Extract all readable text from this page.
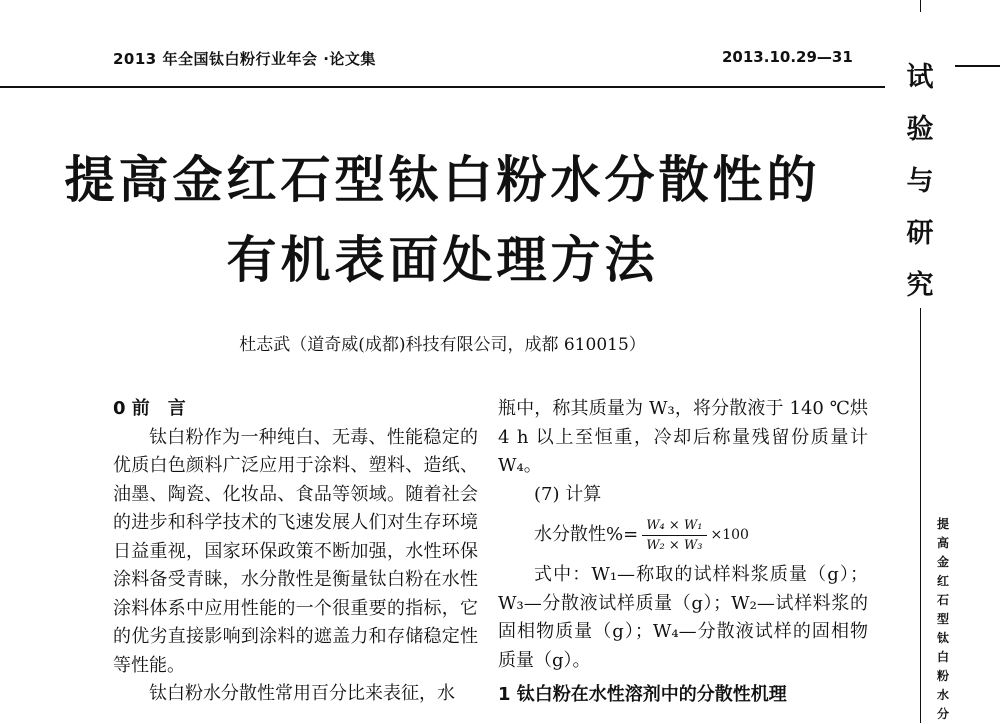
2013 年全国钛白粉行业年会 ·论文集	2013.10.29—31
提高金红石型钛白粉水分散性的
有机表面处理方法
杜志武（道奇威(成都)科技有限公司，成都 610015）
0 前　言
钛白粉作为一种纯白、无毒、性能稳定的优质白色颜料广泛应用于涂料、塑料、造纸、油墨、陶瓷、化妆品、食品等领域。随着社会的进步和科学技术的飞速发展人们对生存环境日益重视，国家环保政策不断加强，水性环保涂料备受青睐，水分散性是衡量钛白粉在水性涂料体系中应用性能的一个很重要的指标，它的优劣直接影响到涂料的遮盖力和存储稳定性等性能。
钛白粉水分散性常用百分比来表征，水
瓶中，称其质量为 W₃，将分散液于 140 ℃烘 4 h 以上至恒重，冷却后称量残留份质量计 W₄。
(7) 计算
水分散性%= $\frac{\text{W₄ × W₁}}{\text{W₂ × W₃}} \times 100$
式中：W₁—称取的试样料浆质量（g）；W₃—分散液试样质量（g）；W₂—试样料浆的固相物质量（g）；W₄—分散液试样的固相物质量（g）。
1 钛白粉在水性溶剂中的分散性机理
试
验
与
研
究
提
高
金
红
石
型
钛
白
粉
水
分
